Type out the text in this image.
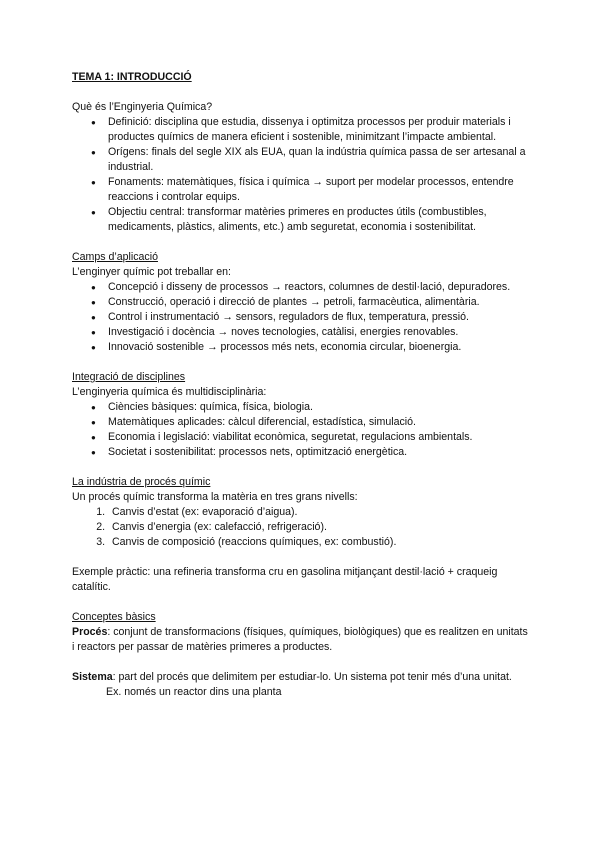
TEMA 1: INTRODUCCIÓ

Què és l’Enginyeria Química?

● Definició: disciplina que estudia, dissenya i optimitza processos per produir materials i productes químics de manera eficient i sostenible, minimitzant l’impacte ambiental.
● Orígens: finals del segle XIX als EUA, quan la indústria química passa de ser artesanal a industrial.
● Fonaments: matemàtiques, física i química → suport per modelar processos, entendre reaccions i controlar equips.
● Objectiu central: transformar matèries primeres en productes útils (combustibles, medicaments, plàstics, aliments, etc.) amb seguretat, economia i sostenibilitat.

Camps d’aplicació

L’enginyer químic pot treballar en:

● Concepció i disseny de processos → reactors, columnes de destil·lació, depuradores.
● Construcció, operació i direcció de plantes → petroli, farmacèutica, alimentària.
● Control i instrumentació → sensors, reguladors de flux, temperatura, pressió.
● Investigació i docència → noves tecnologies, catàlisi, energies renovables.
● Innovació sostenible → processos més nets, economia circular, bioenergia.

Integració de disciplines

L’enginyeria química és multidisciplinària:

● Ciències bàsiques: química, física, biologia.
● Matemàtiques aplicades: càlcul diferencial, estadística, simulació.
● Economia i legislació: viabilitat econòmica, seguretat, regulacions ambientals.
● Societat i sostenibilitat: processos nets, optimització energètica.

La indústria de procés químic

Un procés químic transforma la matèria en tres grans nivells:

1. Canvis d’estat (ex: evaporació d’aigua).
2. Canvis d’energia (ex: calefacció, refrigeració).
3. Canvis de composició (reaccions químiques, ex: combustió).

Exemple pràctic: una refineria transforma cru en gasolina mitjançant destil·lació + craqueig catalític.

Conceptes bàsics

Procés: conjunt de transformacions (físiques, químiques, biològiques) que es realitzen en unitats i reactors per passar de matèries primeres a productes.

Sistema: part del procés que delimitem per estudiar-lo. Un sistema pot tenir més d’una unitat.

Ex. només un reactor dins una planta
